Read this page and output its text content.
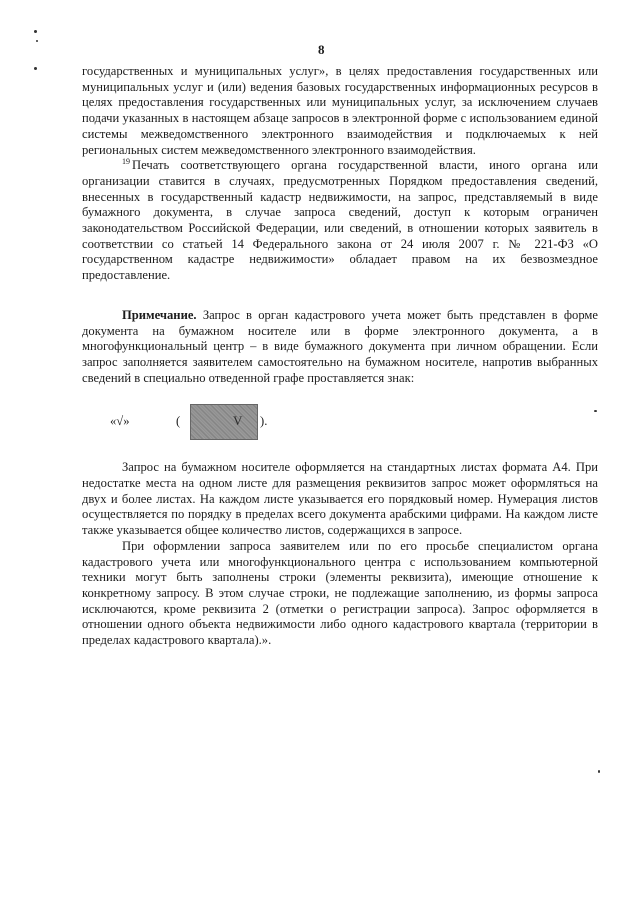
8

государственных и муниципальных услуг», в целях предоставления государственных или муниципальных услуг и (или) ведения базовых государственных информационных ресурсов в целях предоставления государственных или муниципальных услуг, за исключением случаев подачи указанных в настоящем абзаце запросов в электронной форме с использованием единой системы межведомственного электронного взаимодействия и подключаемых к ней региональных систем межведомственного электронного взаимодействия.

$^{19}$ Печать соответствующего органа государственной власти, иного органа или организации ставится в случаях, предусмотренных Порядком предоставления сведений, внесенных в государственный кадастр недвижимости, на запрос, представляемый в виде бумажного документа, в случае запроса сведений, доступ к которым ограничен законодательством Российской Федерации, или сведений, в отношении которых заявитель в соответствии со статьей 14 Федерального закона от 24 июля 2007 г. № 221-ФЗ «О государственном кадастре недвижимости» обладает правом на их безвозмездное предоставление.

Примечание. Запрос в орган кадастрового учета может быть представлен в форме документа на бумажном носителе или в форме электронного документа, а в многофункциональный центр – в виде бумажного документа при личном обращении. Если запрос заполняется заявителем самостоятельно на бумажном носителе, напротив выбранных сведений в специально отведенной графе проставляется знак:

«√»	(	V ).

Запрос на бумажном носителе оформляется на стандартных листах формата А4. При недостатке места на одном листе для размещения реквизитов запрос может оформляться на двух и более листах. На каждом листе указывается его порядковый номер. Нумерация листов осуществляется по порядку в пределах всего документа арабскими цифрами. На каждом листе также указывается общее количество листов, содержащихся в запросе.

При оформлении запроса заявителем или по его просьбе специалистом органа кадастрового учета или многофункционального центра с использованием компьютерной техники могут быть заполнены строки (элементы реквизита), имеющие отношение к конкретному запросу. В этом случае строки, не подлежащие заполнению, из формы запроса исключаются, кроме реквизита 2 (отметки о регистрации запроса). Запрос оформляется в отношении одного объекта недвижимости либо одного кадастрового квартала (территории в пределах кадастрового квартала).».
